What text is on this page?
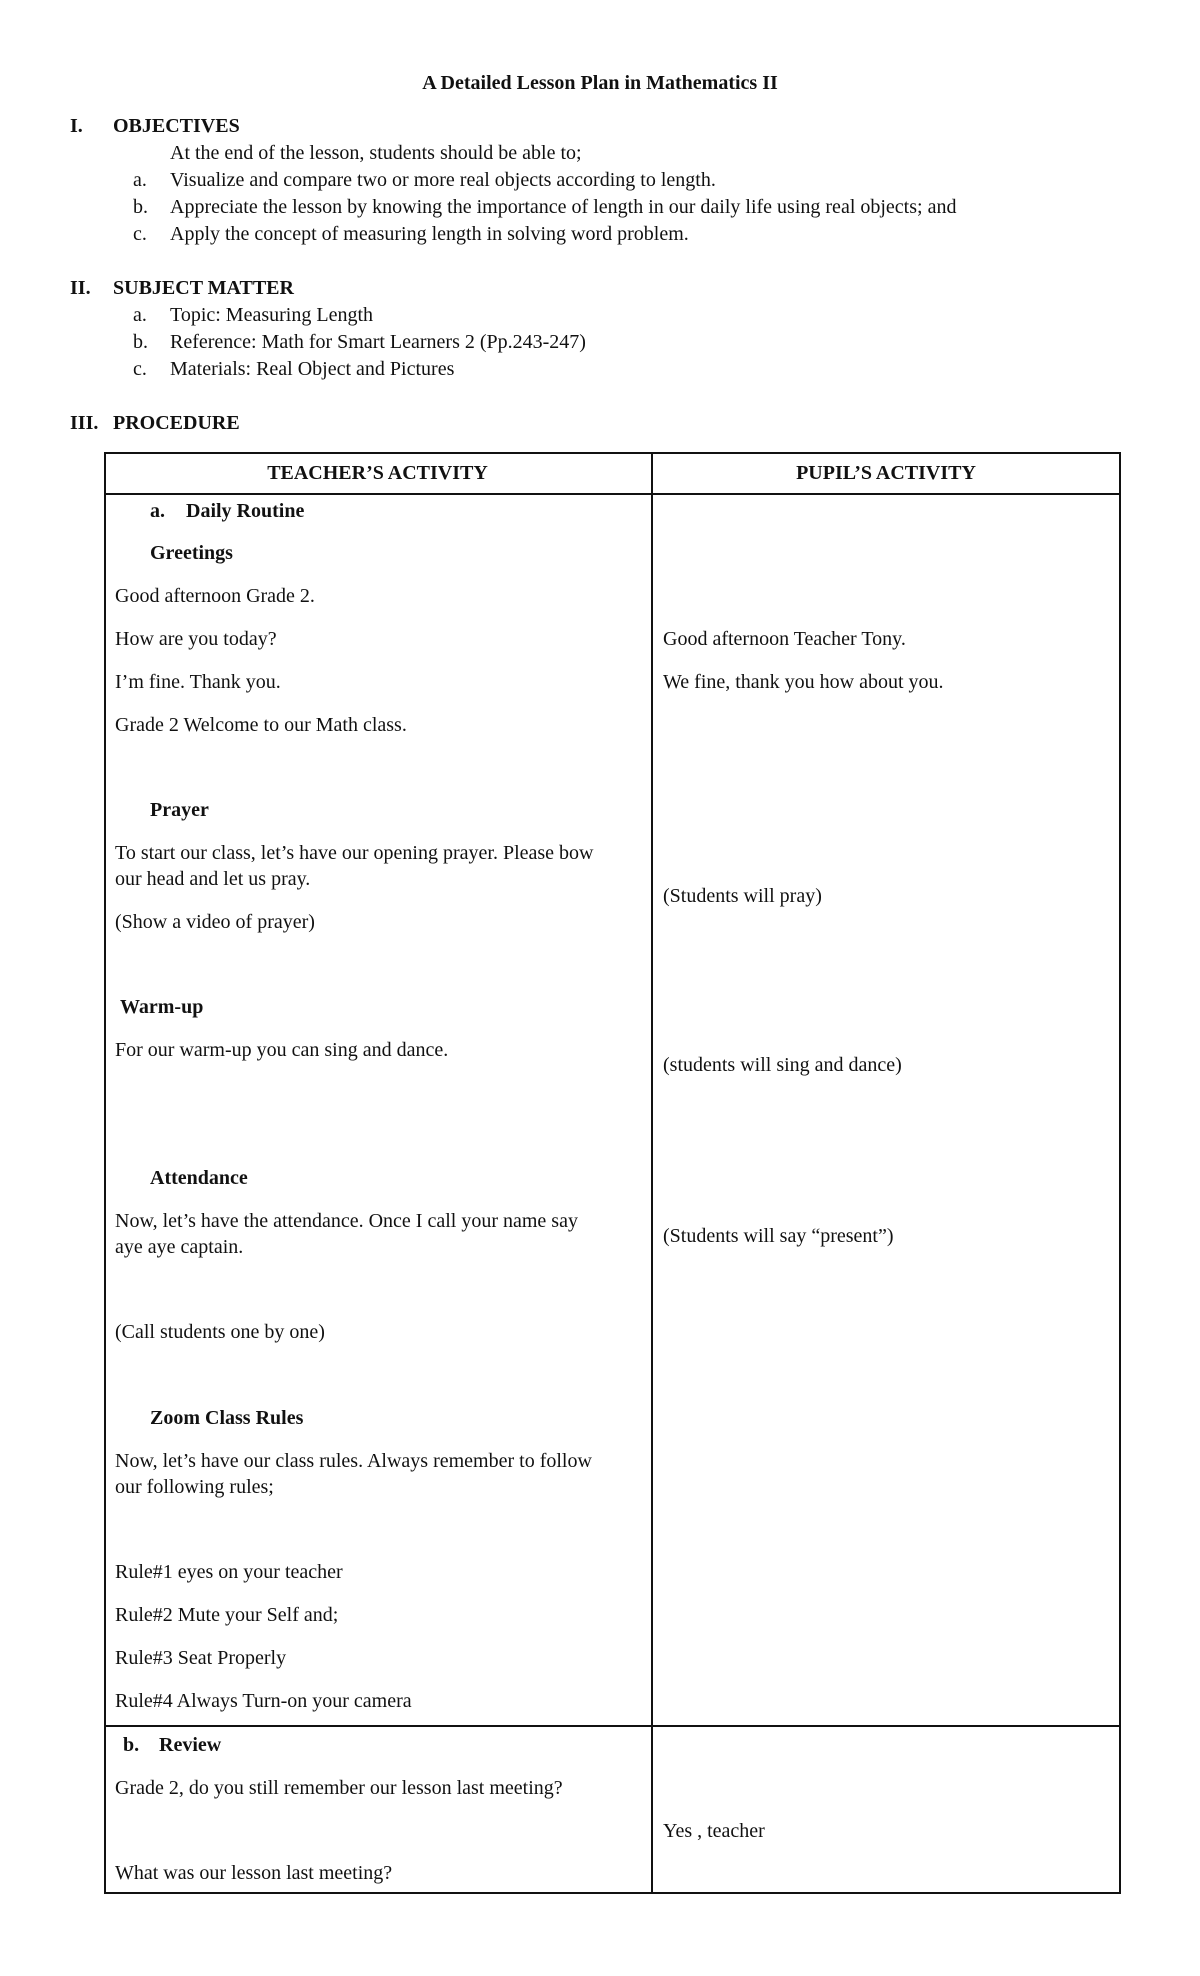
A Detailed Lesson Plan in Mathematics II
I. OBJECTIVES
At the end of the lesson, students should be able to;
a. Visualize and compare two or more real objects according to length.
b. Appreciate the lesson by knowing the importance of length in our daily life using real objects; and
c. Apply the concept of measuring length in solving word problem.
II. SUBJECT MATTER
a. Topic: Measuring Length
b. Reference: Math for Smart Learners 2 (Pp.243-247)
c. Materials: Real Object and Pictures
III. PROCEDURE
TEACHER’S ACTIVITY	PUPIL’S ACTIVITY
a. Daily Routine
Greetings
Good afternoon Grade 2.
How are you today?
I’m fine. Thank you.
Grade 2 Welcome to our Math class.
Prayer
To start our class, let’s have our opening prayer. Please bow
our head and let us pray.
(Show a video of prayer)
Warm-up
For our warm-up you can sing and dance.
Attendance
Now, let’s have the attendance. Once I call your name say
aye aye captain.
(Call students one by one)
Zoom Class Rules
Now, let’s have our class rules. Always remember to follow
our following rules;
Rule#1 eyes on your teacher
Rule#2 Mute your Self and;
Rule#3 Seat Properly
Rule#4 Always Turn-on your camera
Good afternoon Teacher Tony.
We fine, thank you how about you.
(Students will pray)
(students will sing and dance)
(Students will say “present”)
b. Review
Grade 2, do you still remember our lesson last meeting?
What was our lesson last meeting?
Yes , teacher
